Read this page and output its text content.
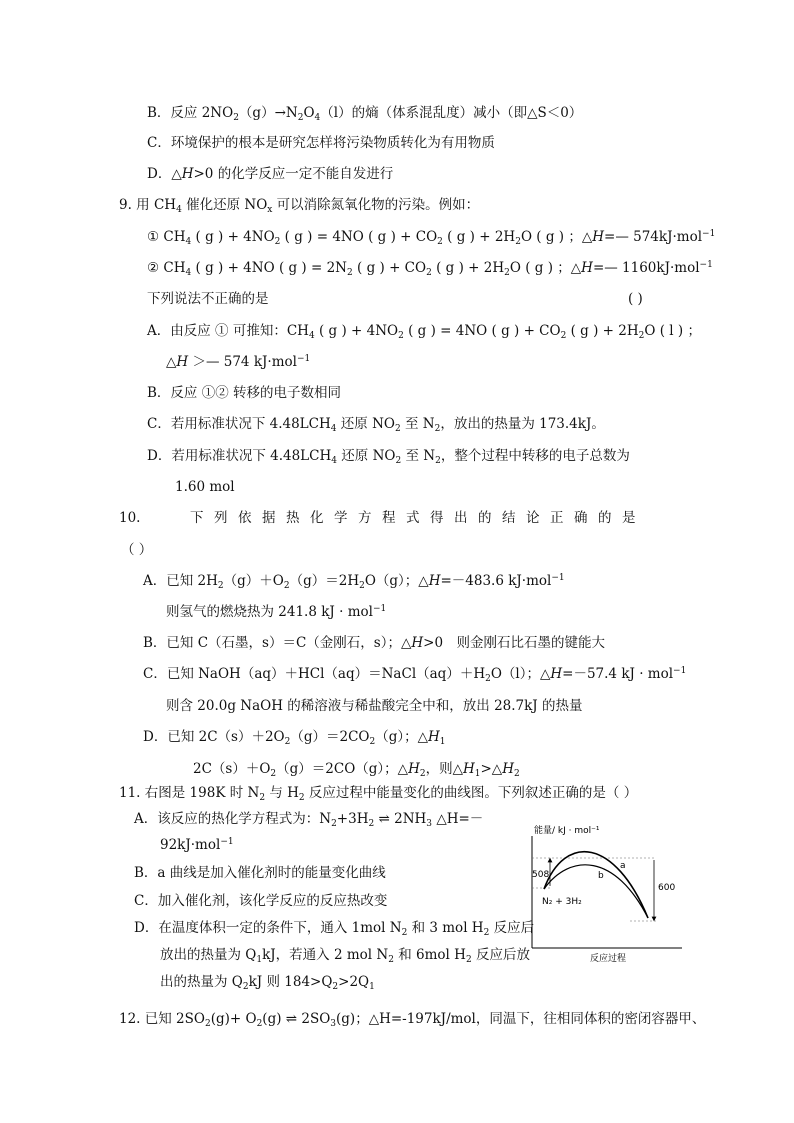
B．反应 $2NO_2(g)\to N_2O_4(l)$的熵（体系混乱度）减小（即△S＜0）
C．环境保护的根本是研究怎样将污染物质转化为有用物质
D．△H>0 的化学反应一定不能自发进行
9. 用 $CH_4$ 催化还原 $NO_x$ 可以消除氮氧化物的污染。例如：
① $CH_4$ ( g ) + $4NO_2$ ( g ) = 4NO ( g ) + $CO_2$ ( g ) + $2H_2O$ ( g ) ；△H=— 574kJ·mol$^{-1}$
② $CH_4$ ( g ) + 4NO ( g ) = $2N_2$ ( g ) + $CO_2$ ( g ) + $2H_2O$ ( g ) ；△H=— 1160kJ·mol$^{-1}$
下列说法不正确的是	( )
A．由反应 ① 可推知：$CH_4$ ( g ) + $4NO_2$ ( g ) = 4NO ( g ) + $CO_2$ ( g ) + $2H_2O$ ( l ) ；
△H ＞— 574 kJ·mol$^{-1}$
B．反应 ①② 转移的电子数相同
C．若用标准状况下 $4.48LCH_4$ 还原 $NO_2$ 至 $N_2$，放出的热量为 173.4kJ。
D．若用标准状况下 $4.48LCH_4$ 还原 $NO_2$ 至 $N_2$，整个过程中转移的电子总数为
1.60 mol
10.	下列依据热化学方程式得出的结论正确的是
（ ）
A．已知 $2H_2(g)+O_2(g)=2H_2O(g)$；△H=－483.6 kJ·mol$^{-1}$
则氢气的燃烧热为 241.8 kJ · mol$^{-1}$
B．已知 C（石墨，s）＝C（金刚石，s）；△H>0　则金刚石比石墨的键能大
C．已知 $NaOH(aq)+HCl(aq)=NaCl(aq)+H_2O(l)$；△H=－57.4 kJ · mol$^{-1}$
则含 20.0g NaOH 的稀溶液与稀盐酸完全中和，放出 28.7kJ 的热量
D．已知 $2C(s)+2O_2(g)=2CO_2(g)$；$\triangle H_1$
$2C(s)+O_2(g)=2CO(g)$；$\triangle H_2$，则$\triangle H_1>\triangle H_2$
11. 右图是 198K 时 $N_2$ 与 $H_2$ 反应过程中能量变化的曲线图。下列叙述正确的是（ ）
A．该反应的热化学方程式为：$N_2+3H_2$ ⇌ $2NH_3$ △H=－
92kJ·mol$^{-1}$
B．a 曲线是加入催化剂时的能量变化曲线
C．加入催化剂，该化学反应的反应热改变
D．在温度体积一定的条件下，通入 1mol $N_2$ 和 3 mol $H_2$ 反应后
放出的热量为 $Q_1kJ$，若通入 2 mol $N_2$ 和 6mol $H_2$ 反应后放
出的热量为 $Q_2kJ$ 则 $184>Q_2>2Q_1$
能量/ kJ · mol⁻¹
508
600
a
b
N₂ + 3H₂
反应过程
12. 已知 $2SO_2(g)+ O_2(g)$ ⇌ $2SO_3(g)$；△H=-197kJ/mol，同温下，往相同体积的密闭容器甲、
